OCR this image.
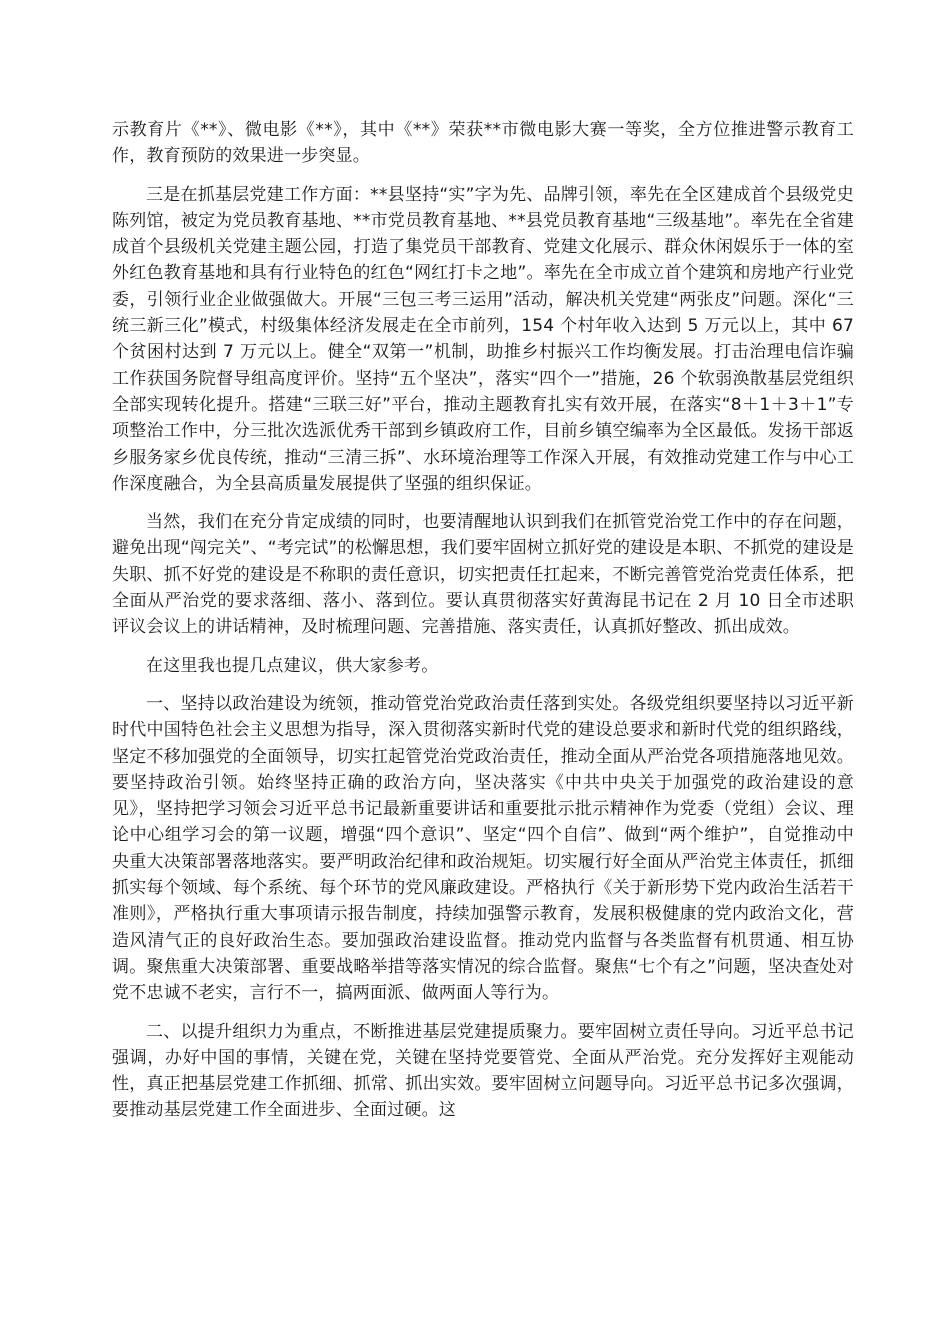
示教育片《**》、微电影《**》，其中《**》荣获**市微电影大赛一等奖，全方位推进警示教育工作，教育预防的效果进一步突显。

三是在抓基层党建工作方面：**县坚持“实”字为先、品牌引领，率先在全区建成首个县级党史陈列馆，被定为党员教育基地、**市党员教育基地、**县党员教育基地“三级基地”。率先在全省建成首个县级机关党建主题公园，打造了集党员干部教育、党建文化展示、群众休闲娱乐于一体的室外红色教育基地和具有行业特色的红色“网红打卡之地”。率先在全市成立首个建筑和房地产行业党委，引领行业企业做强做大。开展“三包三考三运用”活动，解决机关党建“两张皮”问题。深化“三统三新三化”模式，村级集体经济发展走在全市前列，154 个村年收入达到 5 万元以上，其中 67 个贫困村达到 7 万元以上。健全“双第一”机制，助推乡村振兴工作均衡发展。打击治理电信诈骗工作获国务院督导组高度评价。坚持“五个坚决”，落实“四个一”措施，26 个软弱涣散基层党组织全部实现转化提升。搭建“三联三好”平台，推动主题教育扎实有效开展，在落实“8＋1＋3＋1”专项整治工作中，分三批次选派优秀干部到乡镇政府工作，目前乡镇空编率为全区最低。发扬干部返乡服务家乡优良传统，推动“三清三拆”、水环境治理等工作深入开展，有效推动党建工作与中心工作深度融合，为全县高质量发展提供了坚强的组织保证。

当然，我们在充分肯定成绩的同时，也要清醒地认识到我们在抓管党治党工作中的存在问题，避免出现“闯完关”、“考完试”的松懈思想，我们要牢固树立抓好党的建设是本职、不抓党的建设是失职、抓不好党的建设是不称职的责任意识，切实把责任扛起来，不断完善管党治党责任体系，把全面从严治党的要求落细、落小、落到位。要认真贯彻落实好黄海昆书记在 2 月 10 日全市述职评议会议上的讲话精神，及时梳理问题、完善措施、落实责任，认真抓好整改、抓出成效。

在这里我也提几点建议，供大家参考。

一、坚持以政治建设为统领，推动管党治党政治责任落到实处。各级党组织要坚持以习近平新时代中国特色社会主义思想为指导，深入贯彻落实新时代党的建设总要求和新时代党的组织路线，坚定不移加强党的全面领导，切实扛起管党治党政治责任，推动全面从严治党各项措施落地见效。要坚持政治引领。始终坚持正确的政治方向，坚决落实《中共中央关于加强党的政治建设的意见》，坚持把学习领会习近平总书记最新重要讲话和重要批示批示精神作为党委（党组）会议、理论中心组学习会的第一议题，增强“四个意识”、坚定“四个自信”、做到“两个维护”，自觉推动中央重大决策部署落地落实。要严明政治纪律和政治规矩。切实履行好全面从严治党主体责任，抓细抓实每个领域、每个系统、每个环节的党风廉政建设。严格执行《关于新形势下党内政治生活若干准则》，严格执行重大事项请示报告制度，持续加强警示教育，发展积极健康的党内政治文化，营造风清气正的良好政治生态。要加强政治建设监督。推动党内监督与各类监督有机贯通、相互协调。聚焦重大决策部署、重要战略举措等落实情况的综合监督。聚焦“七个有之”问题，坚决查处对党不忠诚不老实，言行不一，搞两面派、做两面人等行为。

二、以提升组织力为重点，不断推进基层党建提质聚力。要牢固树立责任导向。习近平总书记强调，办好中国的事情，关键在党，关键在坚持党要管党、全面从严治党。充分发挥好主观能动性，真正把基层党建工作抓细、抓常、抓出实效。要牢固树立问题导向。习近平总书记多次强调，要推动基层党建工作全面进步、全面过硬。这
